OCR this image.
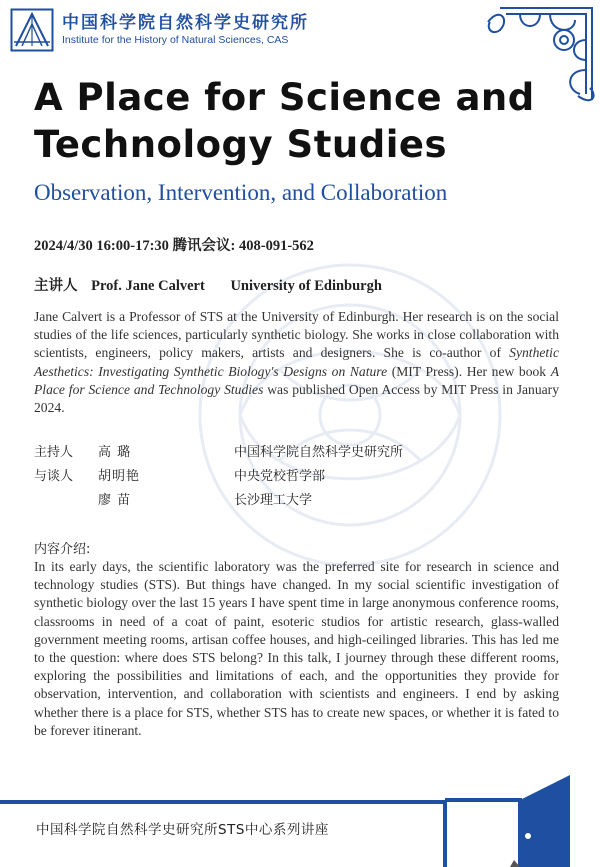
中国科学院自然科学史研究所
Institute for the History of Natural Sciences, CAS
A Place for Science and Technology Studies
Observation, Intervention, and Collaboration
2024/4/30 16:00-17:30 腾讯会议: 408-091-562
主讲人 Prof. Jane Calvert University of Edinburgh
Jane Calvert is a Professor of STS at the University of Edinburgh. Her research is on the social studies of the life sciences, particularly synthetic biology. She works in close collaboration with scientists, engineers, policy makers, artists and designers. She is co-author of Synthetic Aesthetics: Investigating Synthetic Biology's Designs on Nature (MIT Press). Her new book A Place for Science and Technology Studies was published Open Access by MIT Press in January 2024.
主持人 高 璐	中国科学院自然科学史研究所
与谈人 胡明艳	中央党校哲学部
廖 苗	长沙理工大学
内容介绍:
In its early days, the scientific laboratory was the preferred site for research in science and technology studies (STS). But things have changed. In my social scientific investigation of synthetic biology over the last 15 years I have spent time in large anonymous conference rooms, classrooms in need of a coat of paint, esoteric studios for artistic research, glass-walled government meeting rooms, artisan coffee houses, and high-ceilinged libraries. This has led me to the question: where does STS belong? In this talk, I journey through these different rooms, exploring the possibilities and limitations of each, and the opportunities they provide for observation, intervention, and collaboration with scientists and engineers. I end by asking whether there is a place for STS, whether STS has to create new spaces, or whether it is fated to be forever itinerant.
中国科学院自然科学史研究所STS中心系列讲座
